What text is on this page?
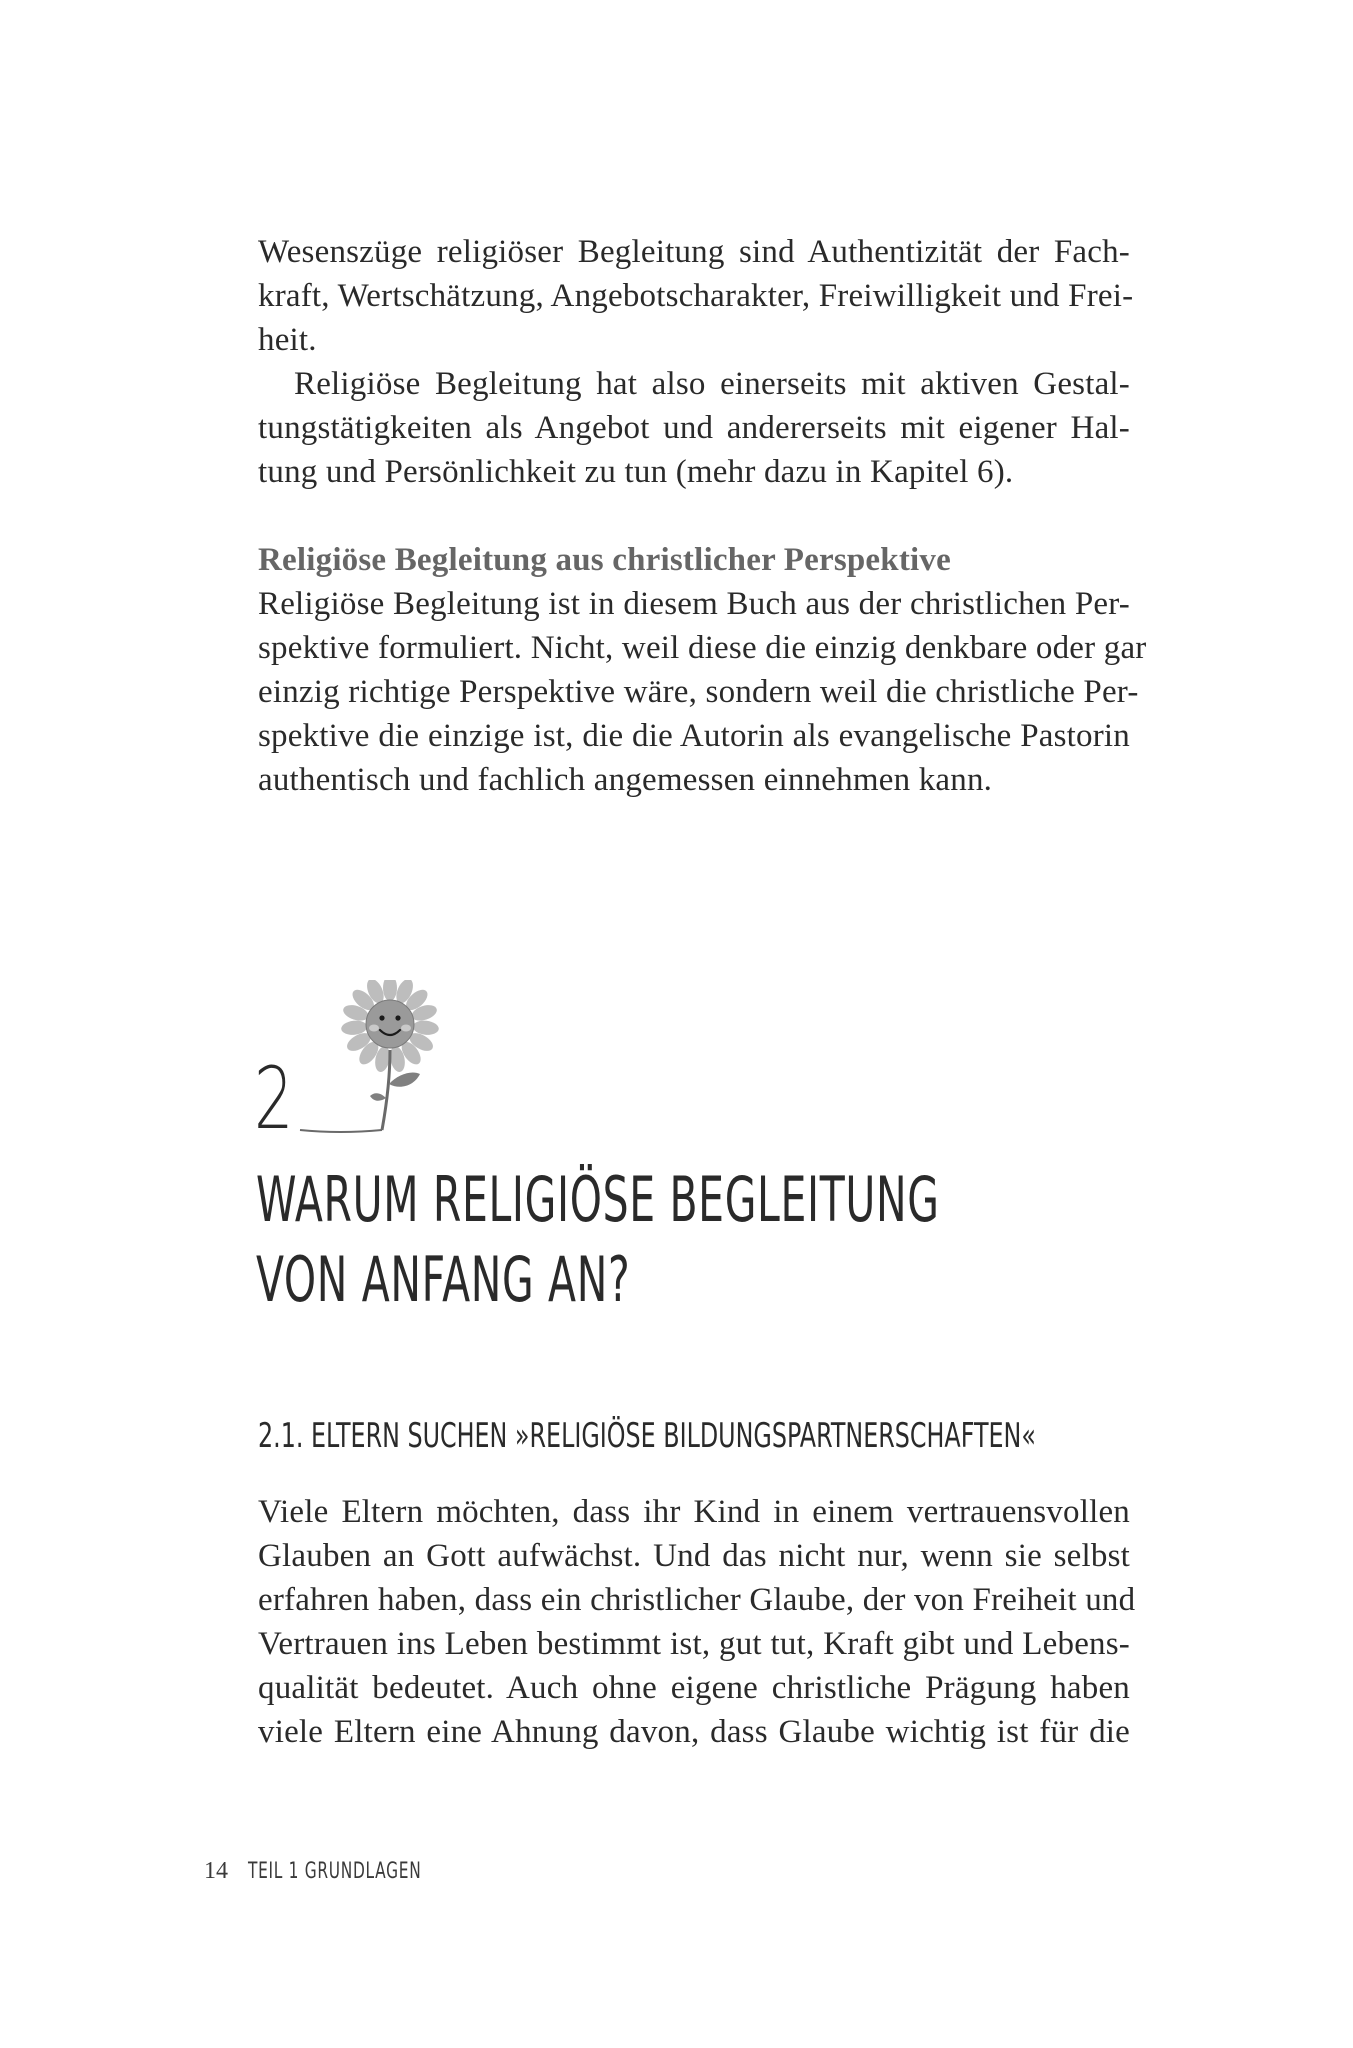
Wesenszüge religiöser Begleitung sind Authentizität der Fach-
kraft, Wertschätzung, Angebotscharakter, Freiwilligkeit und Frei-
heit.
Religiöse Begleitung hat also einerseits mit aktiven Gestal-
tungstätigkeiten als Angebot und andererseits mit eigener Hal-
tung und Persönlichkeit zu tun (mehr dazu in Kapitel 6).
Religiöse Begleitung aus christlicher Perspektive
Religiöse Begleitung ist in diesem Buch aus der christlichen Per-
spektive formuliert. Nicht, weil diese die einzig denkbare oder gar
einzig richtige Perspektive wäre, sondern weil die christliche Per-
spektive die einzige ist, die die Autorin als evangelische Pastorin
authentisch und fachlich angemessen einnehmen kann.
2
WARUM RELIGIÖSE BEGLEITUNG
VON ANFANG AN?
2.1. ELTERN SUCHEN »RELIGIÖSE BILDUNGSPARTNERSCHAFTEN«
Viele Eltern möchten, dass ihr Kind in einem vertrauensvollen
Glauben an Gott aufwächst. Und das nicht nur, wenn sie selbst
erfahren haben, dass ein christlicher Glaube, der von Freiheit und
Vertrauen ins Leben bestimmt ist, gut tut, Kraft gibt und Lebens-
qualität bedeutet. Auch ohne eigene christliche Prägung haben
viele Eltern eine Ahnung davon, dass Glaube wichtig ist für die
14 TEIL 1 GRUNDLAGEN
